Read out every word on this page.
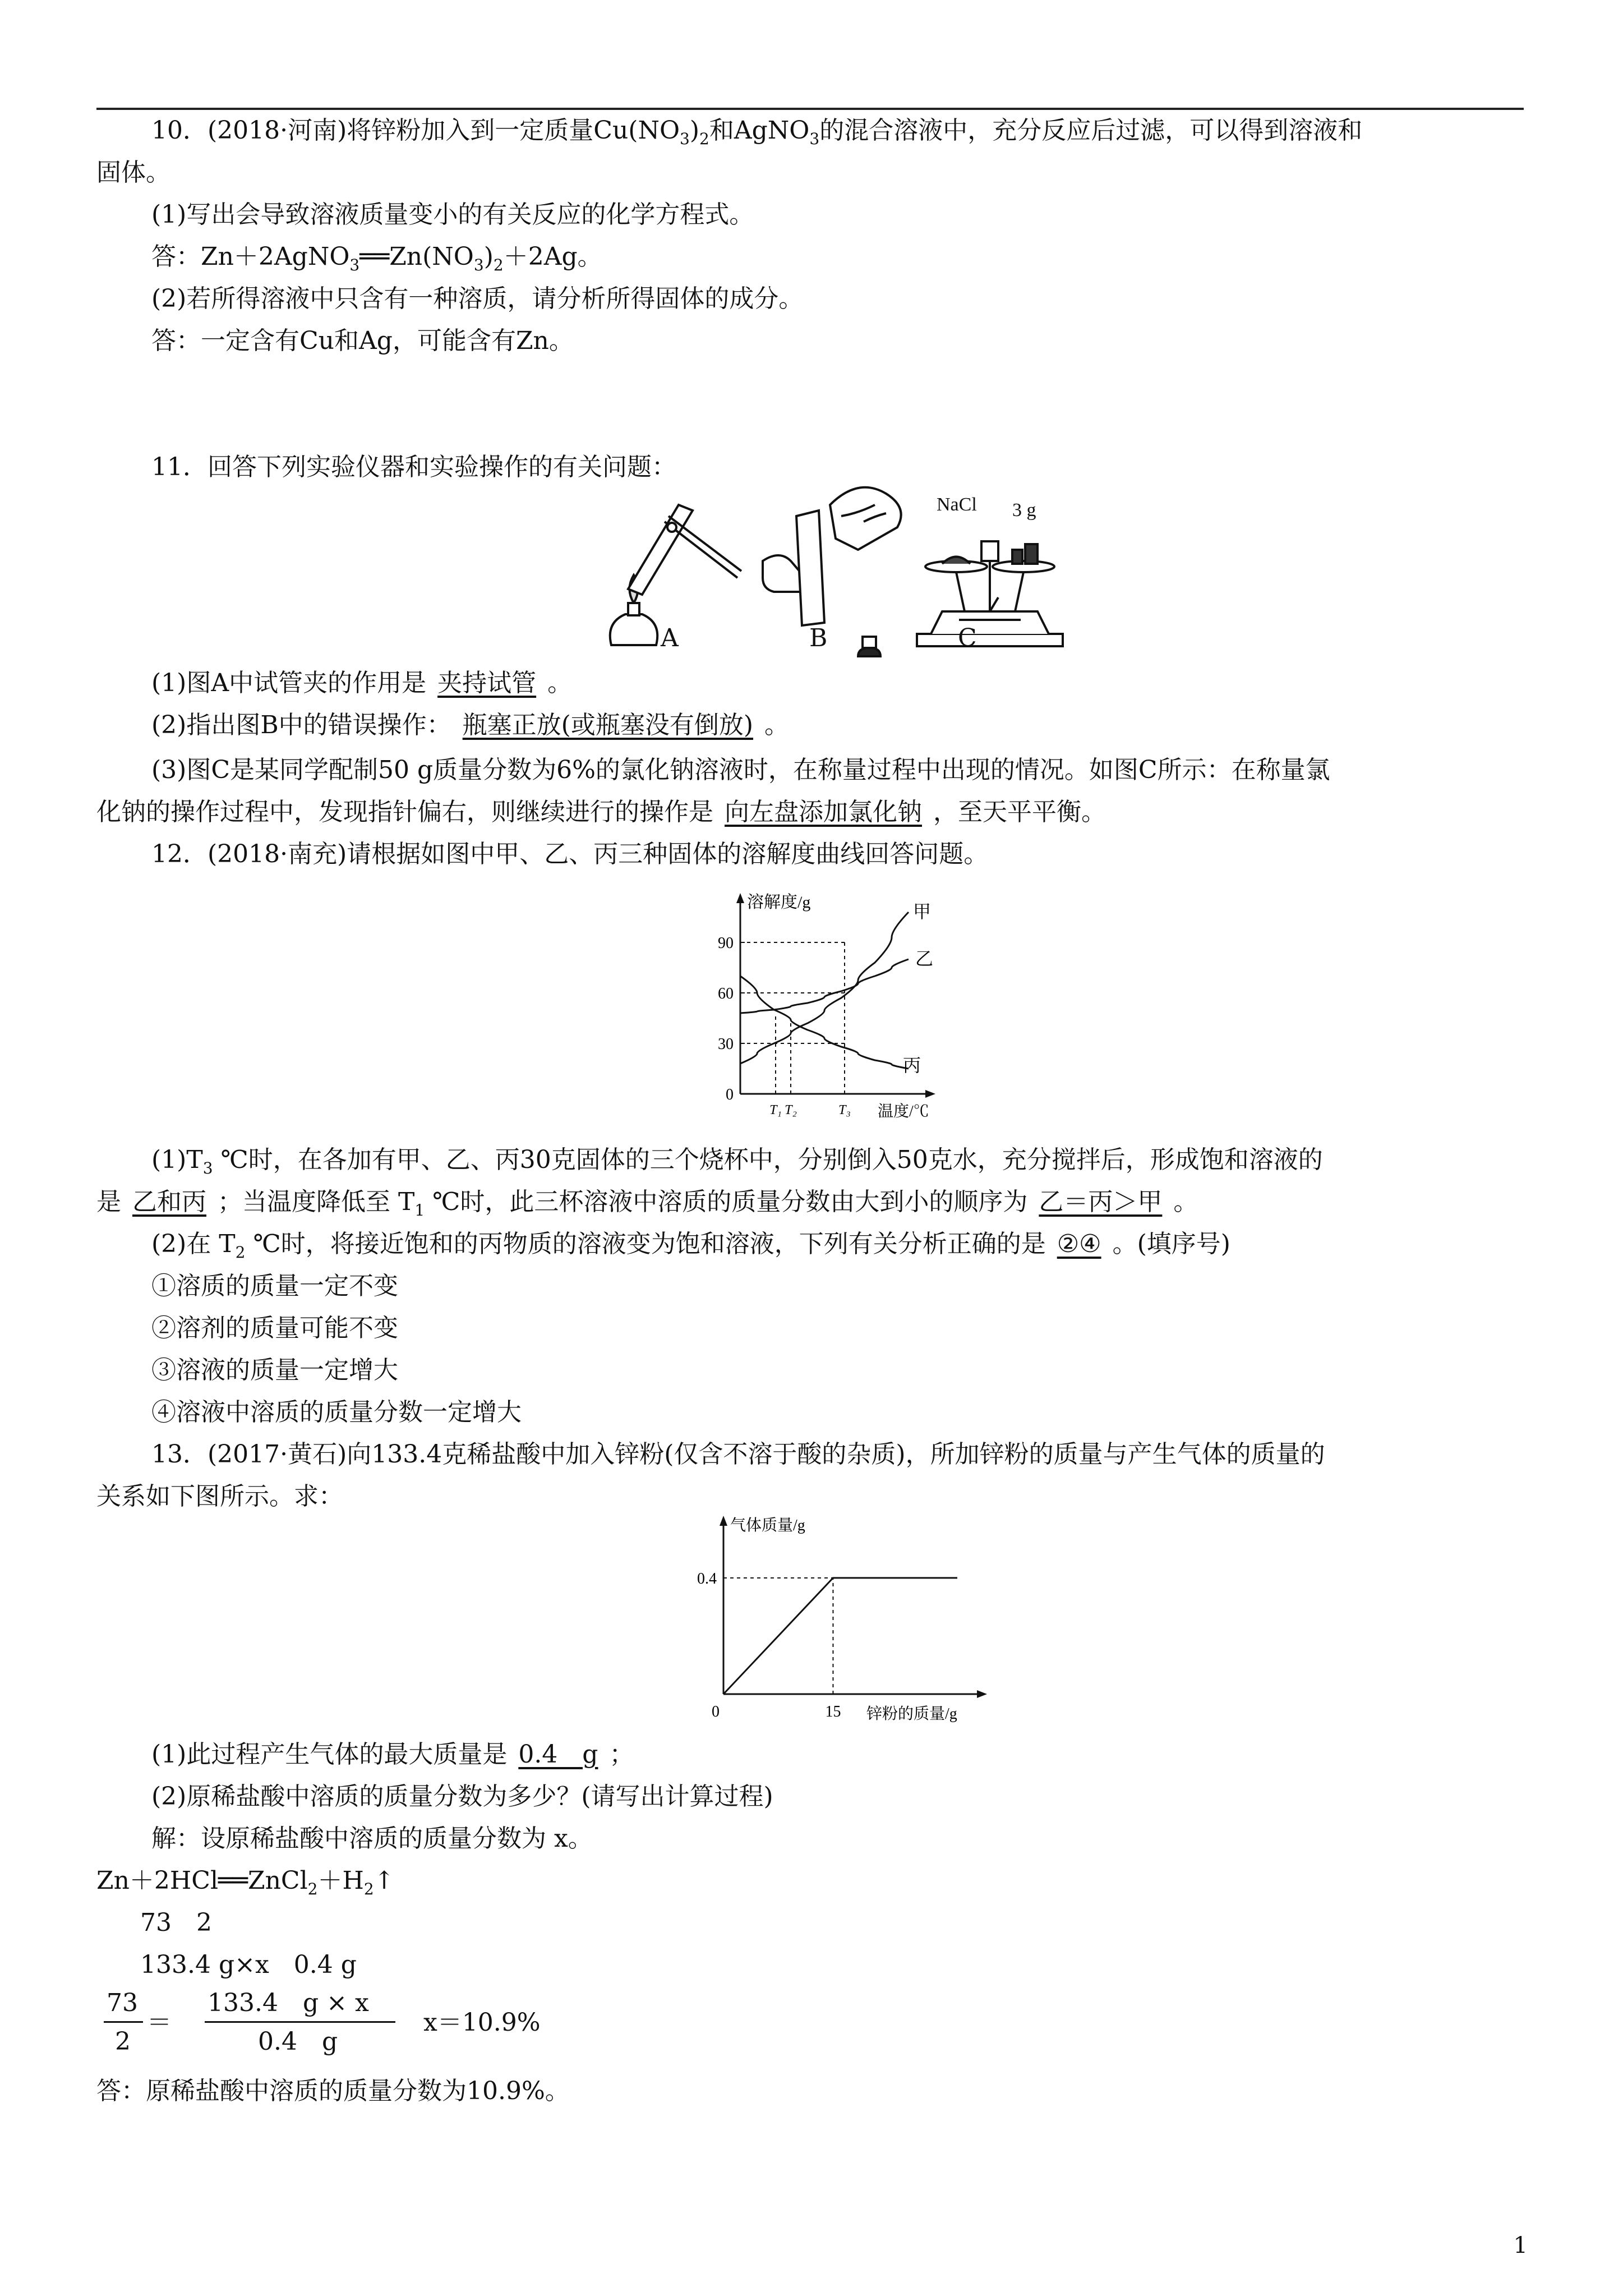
10．(2018·河南)将锌粉加入到一定质量$Cu(NO_3)_2$和AgNO$_3$的混合溶液中，充分反应后过滤，可以得到溶液和
固体。
(1)写出会导致溶液质量变小的有关反应的化学方程式。
答：$Zn+2AgNO_3══Zn(NO_3)_2+2Ag$。
(2)若所得溶液中只含有一种溶质，请分析所得固体的成分。
答：一定含有Cu和Ag，可能含有Zn。
11．回答下列实验仪器和实验操作的有关问题：
NaCl 3 g
A	B	C
(1)图A中试管夹的作用是 夹持试管 。
(2)指出图B中的错误操作： 瓶塞正放(或瓶塞没有倒放) 。
(3)图C是某同学配制50 g质量分数为6%的氯化钠溶液时，在称量过程中出现的情况。如图C所示：在称量氯
化钠的操作过程中，发现指针偏右，则继续进行的操作是 向左盘添加氯化钠 ，至天平平衡。
12．(2018·南充)请根据如图中甲、乙、丙三种固体的溶解度曲线回答问题。
溶解度/g
温度/℃
0
30
60
90
T₁ T₂	T₃
甲
乙
丙
$(1)T_3$ ℃时，在各加有甲、乙、丙30克固体的三个烧杯中，分别倒入50克水，充分搅拌后，形成饱和溶液的
是 乙和丙 ；当温度降低至 $T_1$ ℃时，此三杯溶液中溶质的质量分数由大到小的顺序为 乙＝丙＞甲 。
(2)在 $T_2$ ℃时，将接近饱和的丙物质的溶液变为饱和溶液，下列有关分析正确的是 ②④ 。(填序号)
①溶质的质量一定不变
②溶剂的质量可能不变
③溶液的质量一定增大
④溶液中溶质的质量分数一定增大
13．(2017·黄石)向133.4克稀盐酸中加入锌粉(仅含不溶于酸的杂质)，所加锌粉的质量与产生气体的质量的
关系如下图所示。求：
气体质量/g
锌粉的质量/g
0	15
0.4
(1)此过程产生气体的最大质量是 0.4　g ；
(2)原稀盐酸中溶质的质量分数为多少？(请写出计算过程)
解：设原稀盐酸中溶质的质量分数为 x。
$Zn+2HCl══ZnCl_2+H_2↑$
73　2
133.4 g×x　0.4 g
73
2
＝
133.4　g × x
0.4　g
x＝10.9%
答：原稀盐酸中溶质的质量分数为10.9%。
1
